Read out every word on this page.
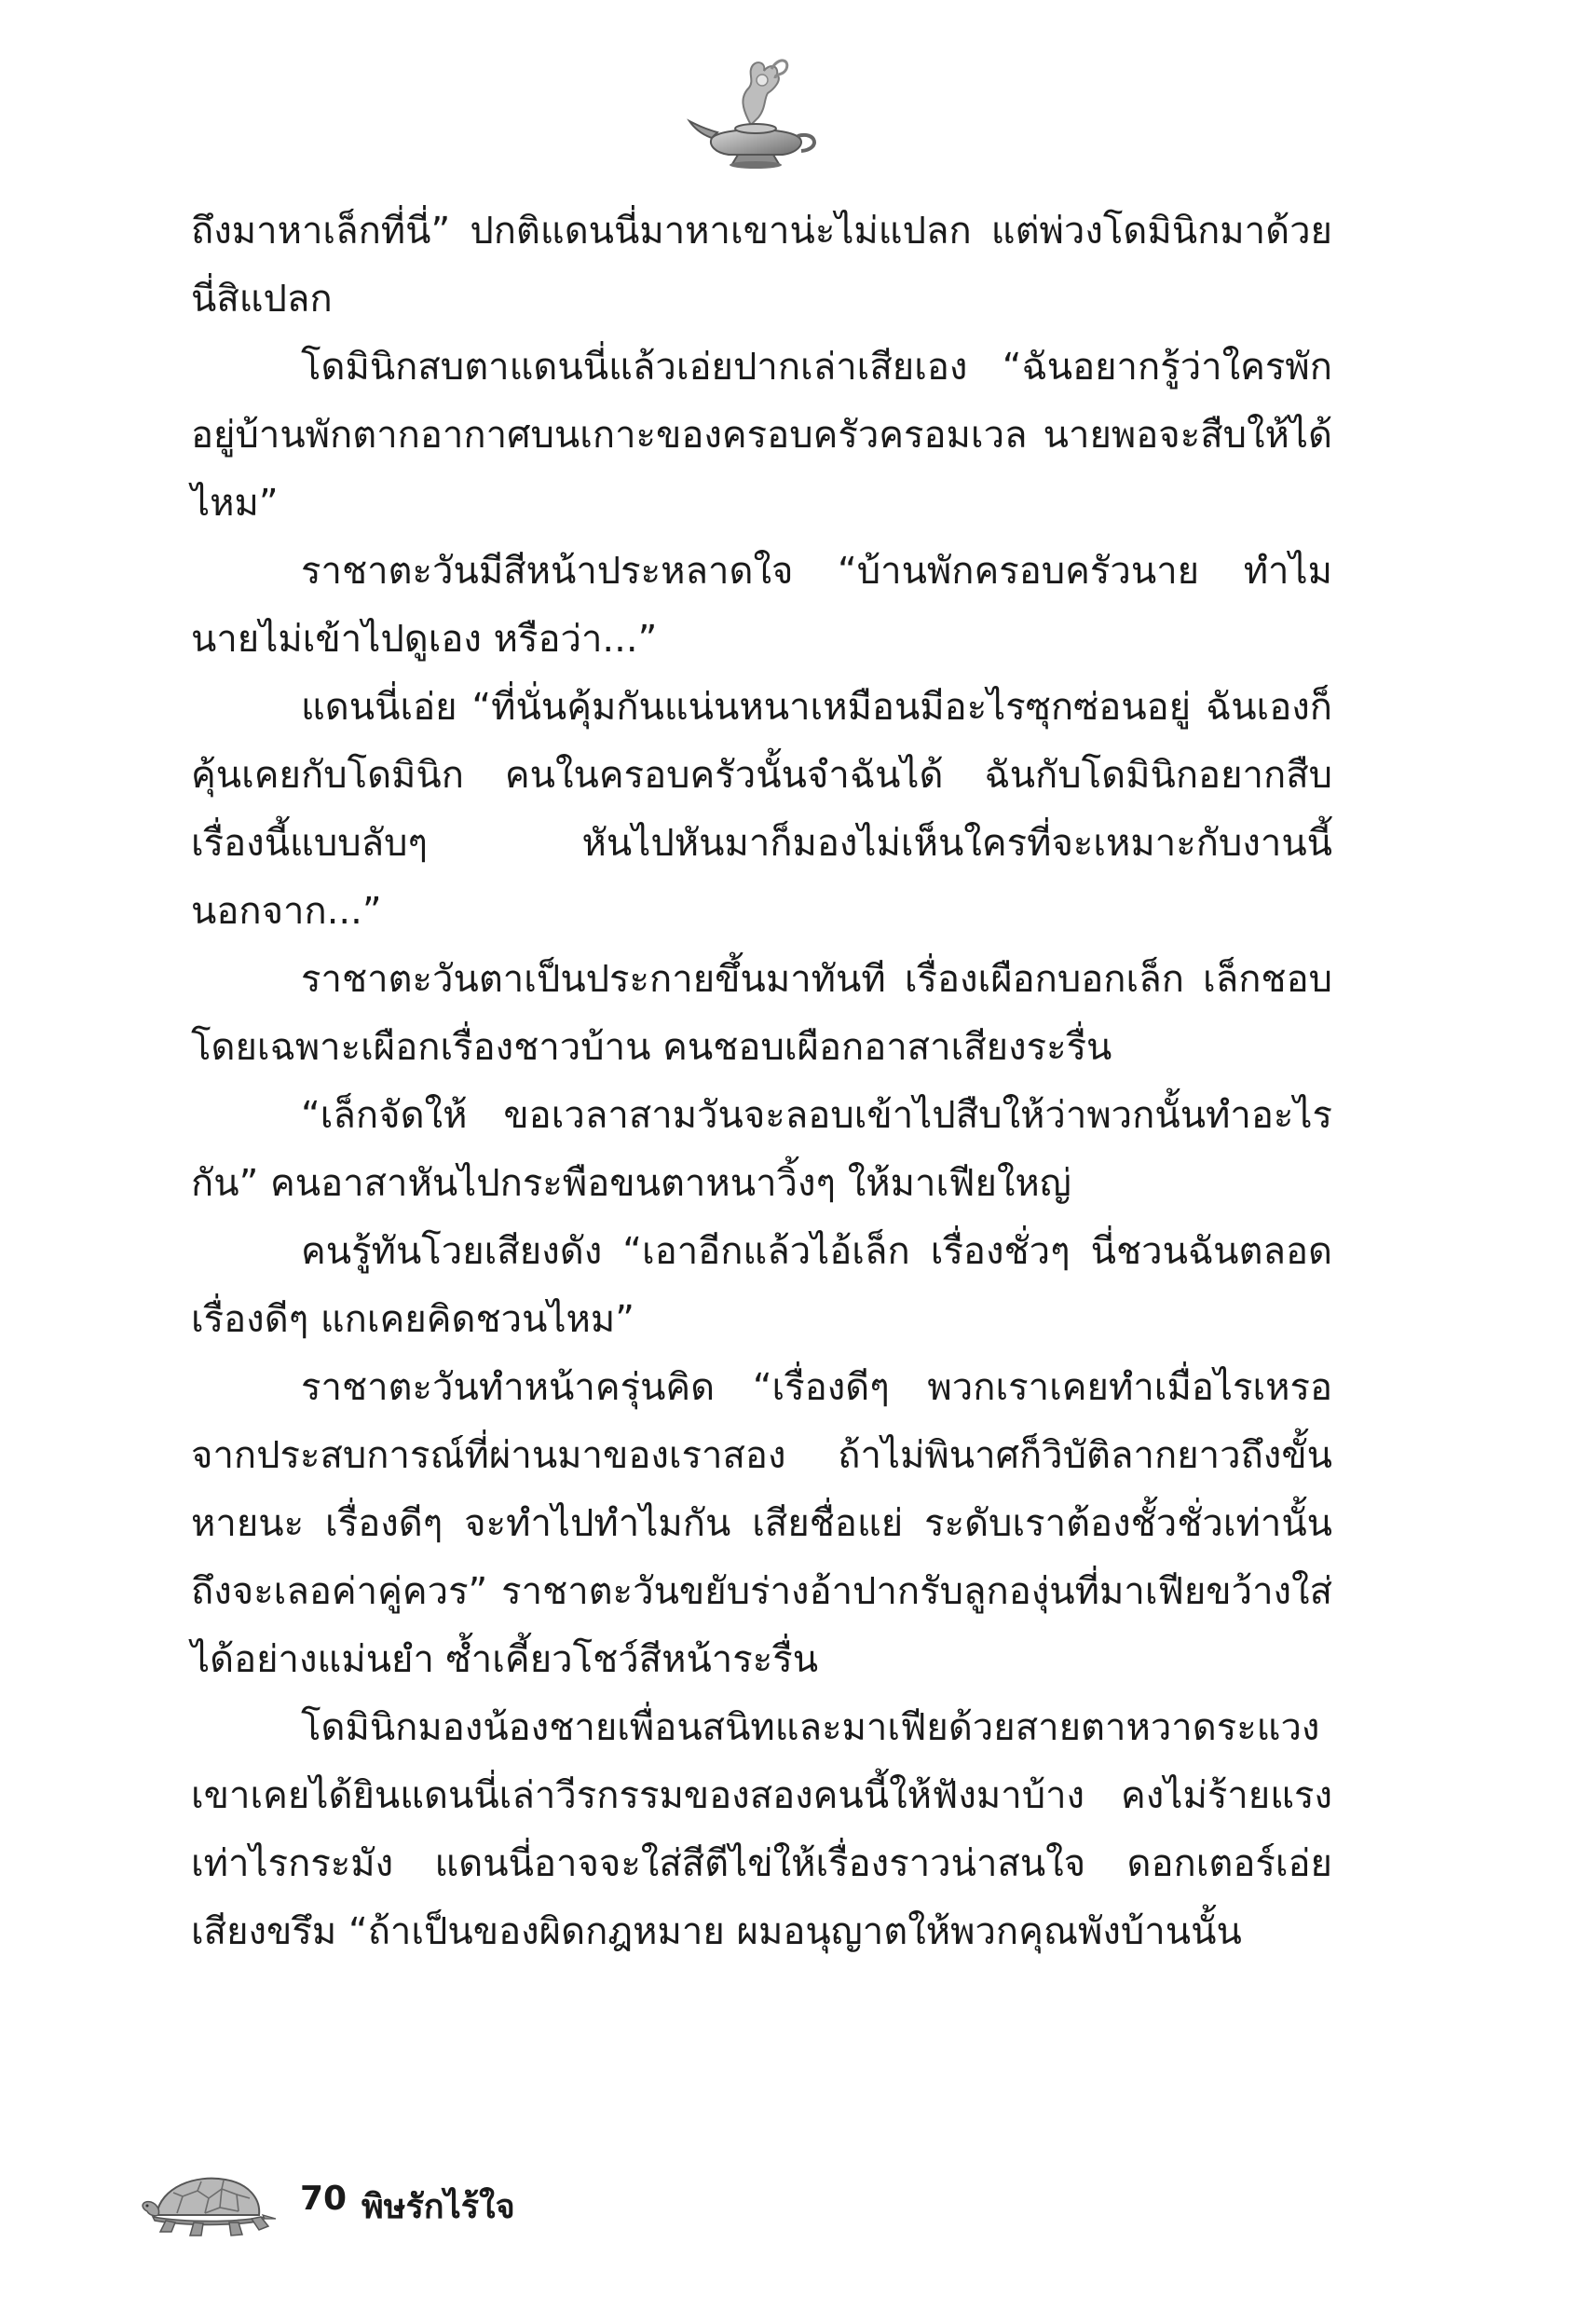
ถึงมาหาเล็กที่นี่” ปกติแดนนี่มาหาเขาน่ะไม่แปลก แต่พ่วงโดมินิกมาด้วยนี่สิแปลก

โดมินิกสบตาแดนนี่แล้วเอ่ยปากเล่าเสียเอง “ฉันอยากรู้ว่าใครพักอยู่บ้านพักตากอากาศบนเกาะของครอบครัวครอมเวล นายพอจะสืบให้ได้ไหม”

ราชาตะวันมีสีหน้าประหลาดใจ “บ้านพักครอบครัวนาย ทำไมนายไม่เข้าไปดูเอง หรือว่า...”

แดนนี่เอ่ย “ที่นั่นคุ้มกันแน่นหนาเหมือนมีอะไรซุกซ่อนอยู่ ฉันเองก็คุ้นเคยกับโดมินิก คนในครอบครัวนั้นจำฉันได้ ฉันกับโดมินิกอยากสืบเรื่องนี้แบบลับๆ หันไปหันมาก็มองไม่เห็นใครที่จะเหมาะกับงานนี้นอกจาก...”

ราชาตะวันตาเป็นประกายขึ้นมาทันที เรื่องเผือกบอกเล็ก เล็กชอบโดยเฉพาะเผือกเรื่องชาวบ้าน คนชอบเผือกอาสาเสียงระรื่น

“เล็กจัดให้ ขอเวลาสามวันจะลอบเข้าไปสืบให้ว่าพวกนั้นทำอะไรกัน” คนอาสาหันไปกระพือขนตาหนาวิ้งๆ ให้มาเฟียใหญ่

คนรู้ทันโวยเสียงดัง “เอาอีกแล้วไอ้เล็ก เรื่องชั่วๆ นี่ชวนฉันตลอด เรื่องดีๆ แกเคยคิดชวนไหม”

ราชาตะวันทำหน้าครุ่นคิด “เรื่องดีๆ พวกเราเคยทำเมื่อไรเหรอ จากประสบการณ์ที่ผ่านมาของเราสอง ถ้าไม่พินาศก็วิบัติลากยาวถึงขั้นหายนะ เรื่องดีๆ จะทำไปทำไมกัน เสียชื่อแย่ ระดับเราต้องชั้วชั่วเท่านั้นถึงจะเลอค่าคู่ควร” ราชาตะวันขยับร่างอ้าปากรับลูกองุ่นที่มาเฟียขว้างใส่ได้อย่างแม่นยำ ซ้ำเคี้ยวโชว์สีหน้าระรื่น

โดมินิกมองน้องชายเพื่อนสนิทและมาเฟียด้วยสายตาหวาดระแวง เขาเคยได้ยินแดนนี่เล่าวีรกรรมของสองคนนี้ให้ฟังมาบ้าง คงไม่ร้ายแรงเท่าไรกระมัง แดนนี่อาจจะใส่สีตีไข่ให้เรื่องราวน่าสนใจ ดอกเตอร์เอ่ยเสียงขรึม “ถ้าเป็นของผิดกฎหมาย ผมอนุญาตให้พวกคุณพังบ้านนั้น

70 พิษรักไร้ใจ
